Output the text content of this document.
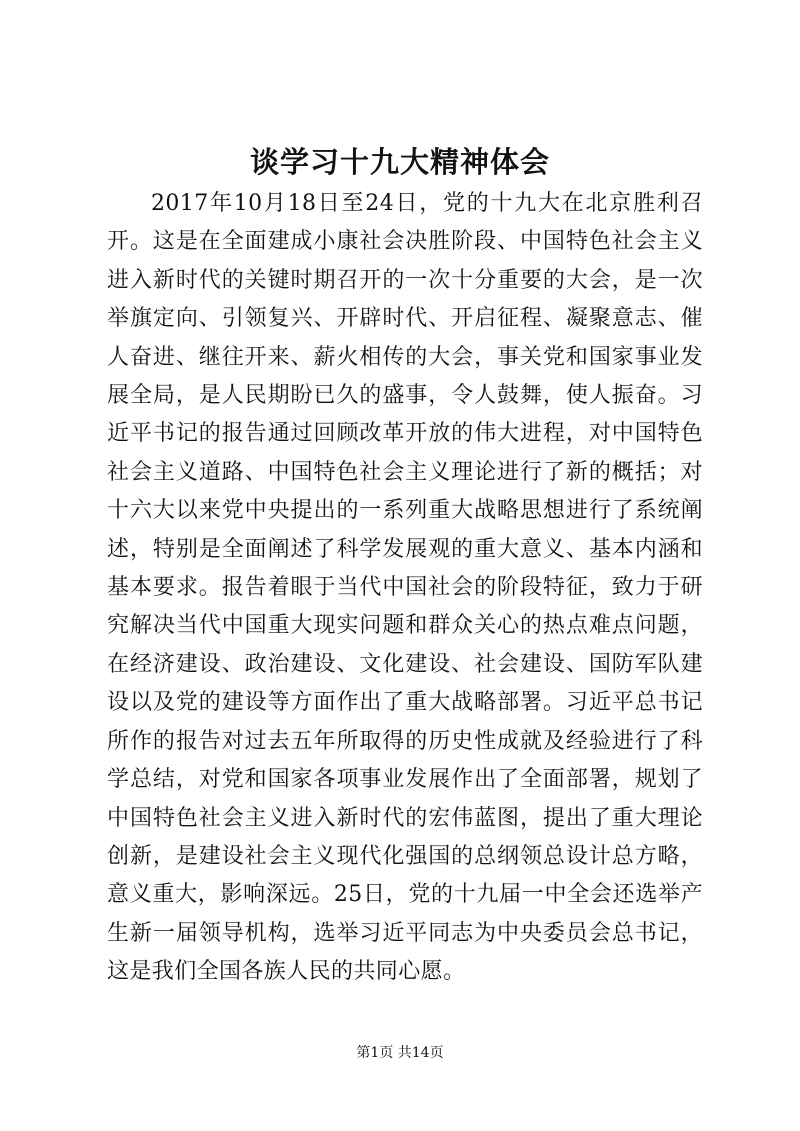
谈学习十九大精神体会

2017年10月18日至24日，党的十九大在北京胜利召开。这是在全面建成小康社会决胜阶段、中国特色社会主义进入新时代的关键时期召开的一次十分重要的大会，是一次举旗定向、引领复兴、开辟时代、开启征程、凝聚意志、催人奋进、继往开来、薪火相传的大会，事关党和国家事业发展全局，是人民期盼已久的盛事，令人鼓舞，使人振奋。习近平书记的报告通过回顾改革开放的伟大进程，对中国特色社会主义道路、中国特色社会主义理论进行了新的概括；对十六大以来党中央提出的一系列重大战略思想进行了系统阐述，特别是全面阐述了科学发展观的重大意义、基本内涵和基本要求。报告着眼于当代中国社会的阶段特征，致力于研究解决当代中国重大现实问题和群众关心的热点难点问题，在经济建设、政治建设、文化建设、社会建设、国防军队建设以及党的建设等方面作出了重大战略部署。习近平总书记所作的报告对过去五年所取得的历史性成就及经验进行了科学总结，对党和国家各项事业发展作出了全面部署，规划了中国特色社会主义进入新时代的宏伟蓝图，提出了重大理论创新，是建设社会主义现代化强国的总纲领总设计总方略，意义重大，影响深远。25日，党的十九届一中全会还选举产生新一届领导机构，选举习近平同志为中央委员会总书记，这是我们全国各族人民的共同心愿。

第1页 共14页
